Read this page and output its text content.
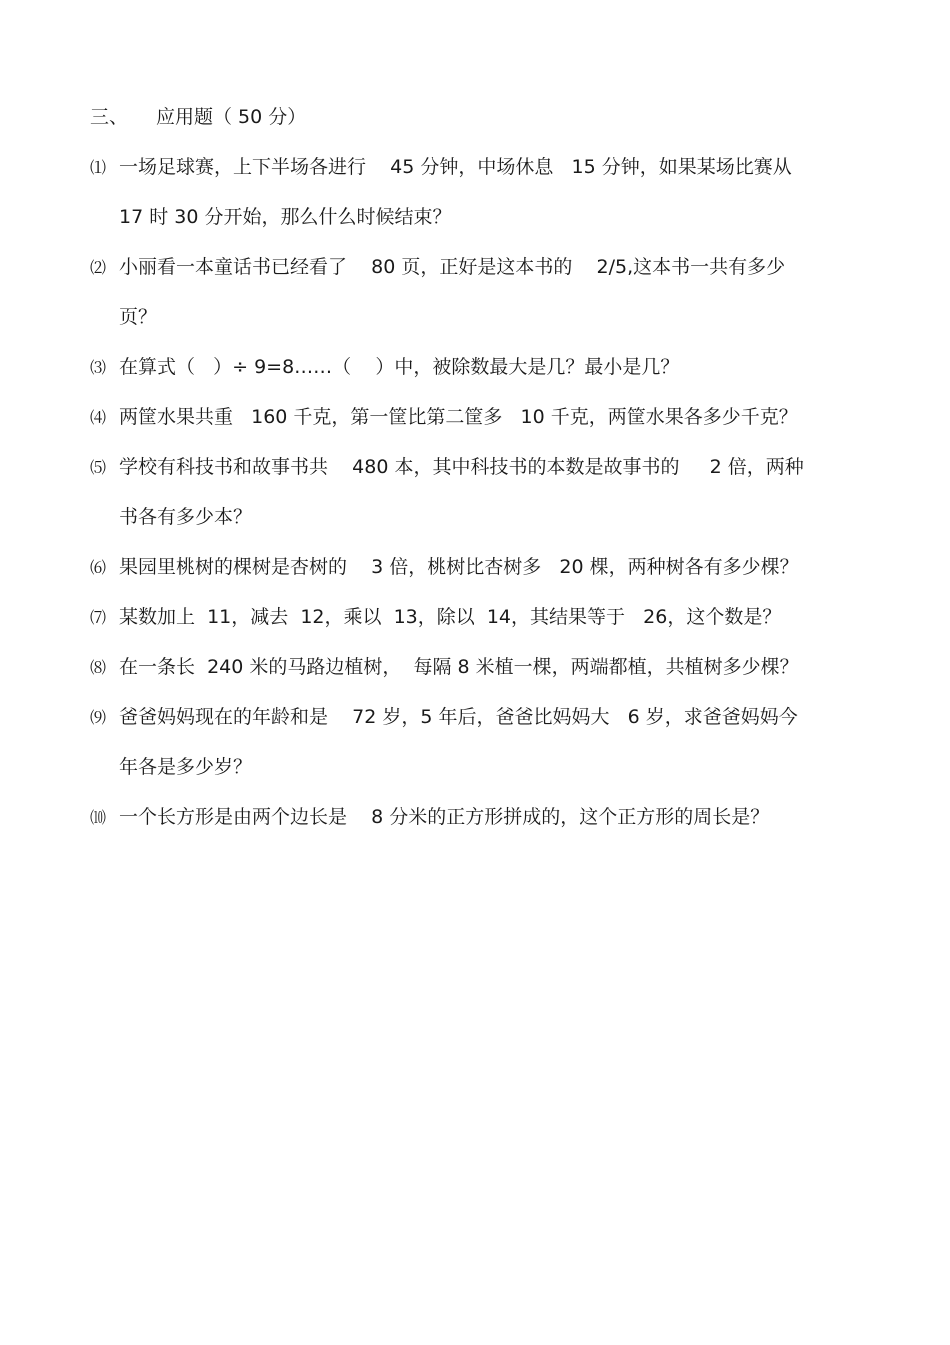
三、 应用题（ 50 分）
⑴ 一场足球赛，上下半场各进行    45 分钟，中场休息   15 分钟，如果某场比赛从
17 时 30 分开始，那么什么时候结束？
⑵ 小丽看一本童话书已经看了    80 页，正好是这本书的    2/5,这本书一共有多少
页？
⑶ 在算式（   ）÷ 9=8……（    ）中，被除数最大是几？最小是几？
⑷ 两筐水果共重   160 千克，第一筐比第二筐多   10 千克，两筐水果各多少千克？
⑸ 学校有科技书和故事书共    480 本，其中科技书的本数是故事书的     2 倍，两种
书各有多少本？
⑹ 果园里桃树的棵树是杏树的    3 倍，桃树比杏树多   20 棵，两种树各有多少棵？
⑺ 某数加上  11，减去  12，乘以  13，除以  14，其结果等于   26，这个数是？
⑻ 在一条长  240 米的马路边植树，  每隔 8 米植一棵，两端都植，共植树多少棵？
⑼ 爸爸妈妈现在的年龄和是    72 岁，5 年后，爸爸比妈妈大   6 岁，求爸爸妈妈今
年各是多少岁？
⑽ 一个长方形是由两个边长是    8 分米的正方形拼成的，这个正方形的周长是？
